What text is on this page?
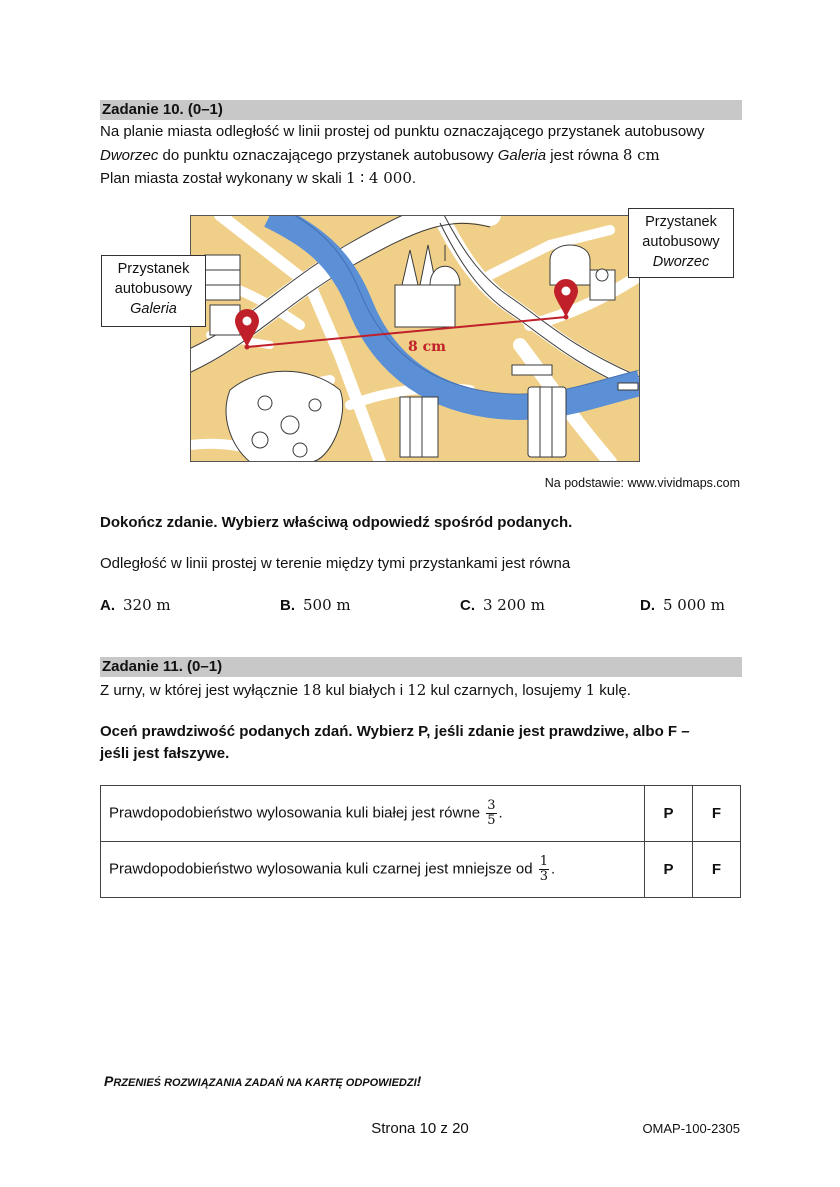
Zadanie 10. (0–1)
Na planie miasta odległość w linii prostej od punktu oznaczającego przystanek autobusowy
Dworzec do punktu oznaczającego przystanek autobusowy Galeria jest równa 8 cm
Plan miasta został wykonany w skali 1 ∶ 4 000.
8 cm
Przystanek
autobusowy
Galeria
Przystanek
autobusowy
Dworzec
Na podstawie: www.vividmaps.com
Dokończ zdanie. Wybierz właściwą odpowiedź spośród podanych.
Odległość w linii prostej w terenie między tymi przystankami jest równa
A. 320 m	B. 500 m	C. 3 200 m	D. 5 000 m
Zadanie 11. (0–1)
Z urny, w której jest wyłącznie 18 kul białych i 12 kul czarnych, losujemy 1 kulę.
Oceń prawdziwość podanych zdań. Wybierz P, jeśli zdanie jest prawdziwe, albo F –
jeśli jest fałszywe.
Prawdopodobieństwo wylosowania kuli białej jest równe $\frac{3}{5}$ .	P	F
Prawdopodobieństwo wylosowania kuli czarnej jest mniejsze od $\frac{1}{3}$ .	P	F
PRZENIEŚ ROZWIĄZANIA ZADAŃ NA KARTĘ ODPOWIEDZI!
Strona 10 z 20	OMAP-100-2305
